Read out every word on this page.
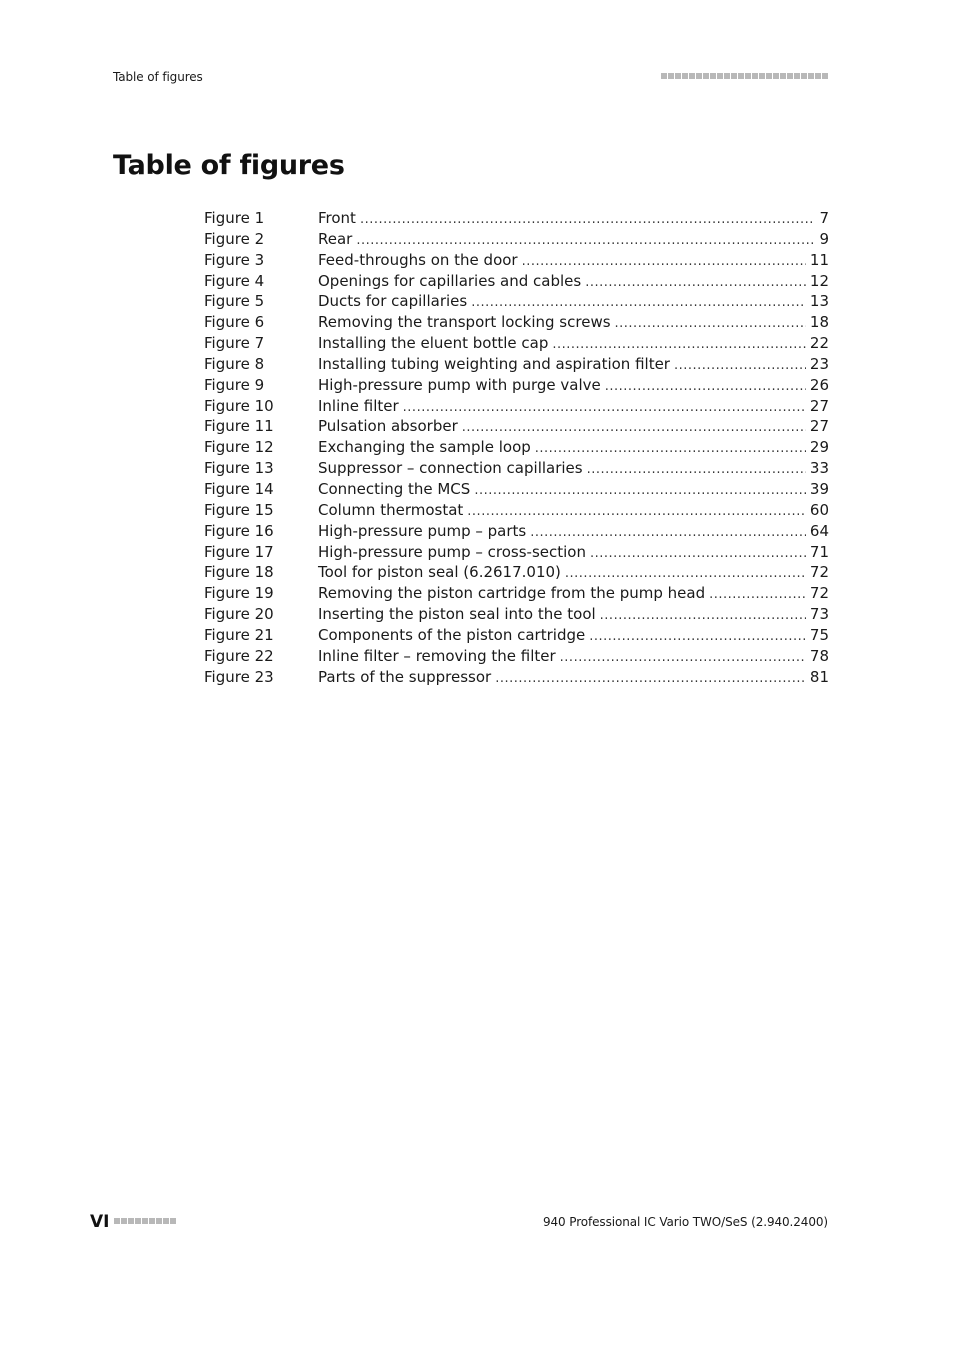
Table of figures
Table of figures
Figure 1	Front .....	7
Figure 2	Rear .....	9
Figure 3	Feed-throughs on the door .....	11
Figure 4	Openings for capillaries and cables .....	12
Figure 5	Ducts for capillaries .....	13
Figure 6	Removing the transport locking screws .....	18
Figure 7	Installing the eluent bottle cap .....	22
Figure 8	Installing tubing weighting and aspiration filter .....	23
Figure 9	High-pressure pump with purge valve .....	26
Figure 10	Inline filter .....	27
Figure 11	Pulsation absorber .....	27
Figure 12	Exchanging the sample loop .....	29
Figure 13	Suppressor – connection capillaries .....	33
Figure 14	Connecting the MCS .....	39
Figure 15	Column thermostat .....	60
Figure 16	High-pressure pump – parts .....	64
Figure 17	High-pressure pump – cross-section .....	71
Figure 18	Tool for piston seal (6.2617.010) .....	72
Figure 19	Removing the piston cartridge from the pump head .....	72
Figure 20	Inserting the piston seal into the tool .....	73
Figure 21	Components of the piston cartridge .....	75
Figure 22	Inline filter – removing the filter .....	78
Figure 23	Parts of the suppressor .....	81
VI	940 Professional IC Vario TWO/SeS (2.940.2400)
